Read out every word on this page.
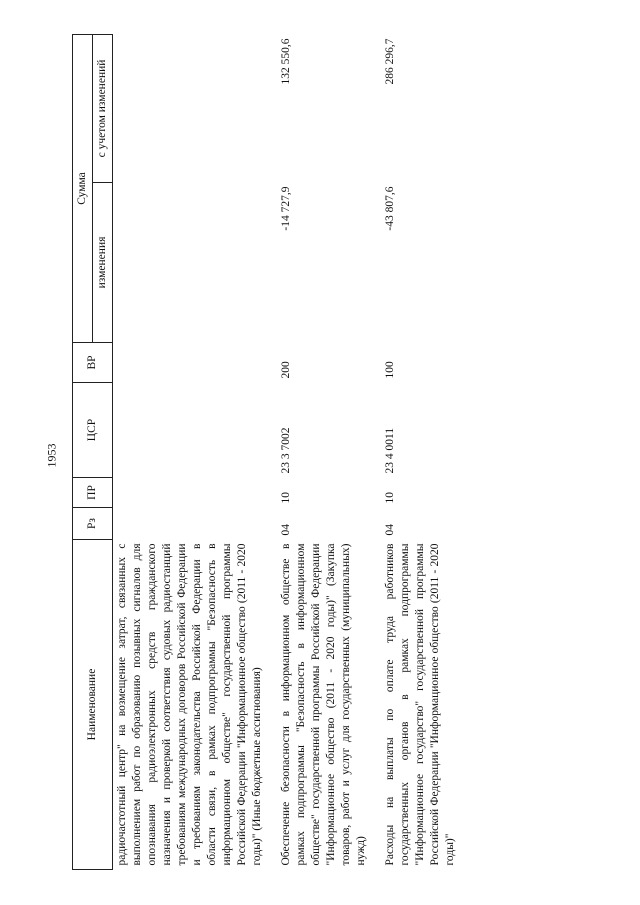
1953
Наименование	Рз	ПР	ЦСР	ВР	Сумма	
					изменения	с учетом изменений
радиочастотный центр" на возмещение затрат, связанных с выполнением работ по образованию позывных сигналов для опознавания радиоэлектронных средств гражданского назначения и проверкой соответствия судовых радиостанций требованиям международных договоров Российской Федерации и требованиям законодательства Российской Федерации в области связи, в рамках подпрограммы "Безопасность в информационном обществе" государственной программы Российской Федерации "Информационное общество (2011 - 2020 годы)" (Иные бюджетные ассигнования)						

Обеспечение безопасности в информационном обществе в рамках подпрограммы "Безопасность в информационном обществе" государственной программы Российской Федерации "Информационное общество (2011 - 2020 годы)" (Закупка товаров, работ и услуг для государственных (муниципальных) нужд)	04	10	23 3 7002	200	-14 727,9	132 550,6

Расходы на выплаты по оплате труда работников государственных органов в рамках подпрограммы "Информационное государство" государственной программы Российской Федерации "Информационное общество (2011 - 2020 годы)"	04	10	23 4 0011	100	-43 807,6	286 296,7
